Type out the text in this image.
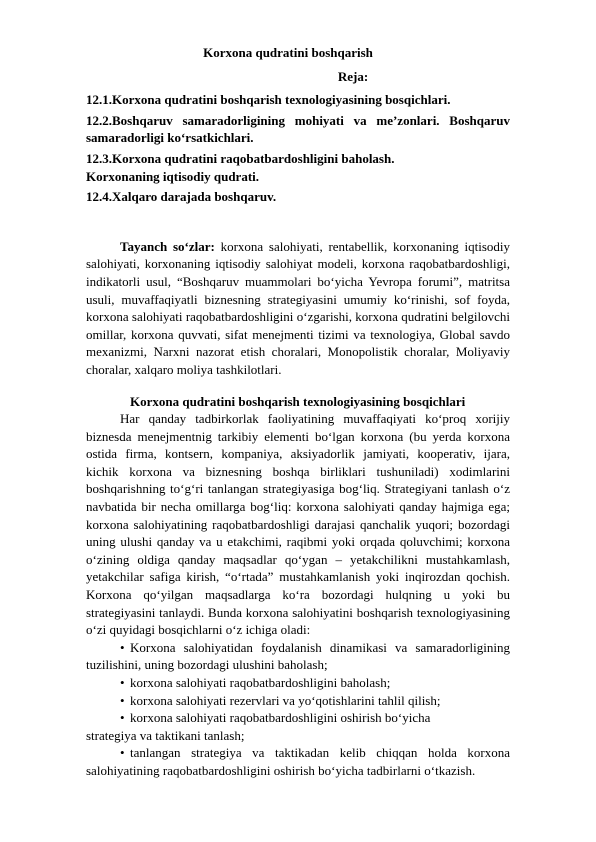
Korxona qudratini boshqarish
Reja:

12.1.Korxona qudratini boshqarish texnologiyasining bosqichlari.

12.2.Boshqaruv samaradorligining mohiyati va me’zonlari. Boshqaruv samaradorligi ko‘rsatkichlari.

12.3.Korxona qudratini raqobatbardoshligini baholash. Korxonaning iqtisodiy qudrati.

12.4.Xalqaro darajada boshqaruv.

Tayanch so‘zlar: korxona salohiyati, rentabellik, korxonaning iqtisodiy salohiyati, korxonaning iqtisodiy salohiyat modeli, korxona raqobatbardoshligi, indikatorli usul, “Boshqaruv muammolari bo‘yicha Yevropa forumi”, matritsa usuli, muvaffaqiyatli biznesning strategiyasini umumiy ko‘rinishi, sof foyda, korxona salohiyati raqobatbardoshligini o‘zgarishi, korxona qudratini belgilovchi omillar, korxona quvvati, sifat menejmenti tizimi va texnologiya, Global savdo mexanizmi, Narxni nazorat etish choralari, Monopolistik choralar, Moliyaviy choralar, xalqaro moliya tashkilotlari.

Korxona qudratini boshqarish texnologiyasining bosqichlari

Har qanday tadbirkorlak faoliyatining muvaffaqiyati ko‘proq xorijiy biznesda menejmentnig tarkibiy elementi bo‘lgan korxona (bu yerda korxona ostida firma, kontsern, kompaniya, aksiyadorlik jamiyati, kooperativ, ijara, kichik korxona va biznesning boshqa birliklari tushuniladi) xodimlarini boshqarishning to‘g‘ri tanlangan strategiyasiga bog‘liq. Strategiyani tanlash o‘z navbatida bir necha omillarga bog‘liq: korxona salohiyati qanday hajmiga ega; korxona salohiyatining raqobatbardoshligi darajasi qanchalik yuqori; bozordagi uning ulushi qanday va u etakchimi, raqibmi yoki orqada qoluvchimi; korxona o‘zining oldiga qanday maqsadlar qo‘ygan – yetakchilikni mustahkamlash, yetakchilar safiga kirish, “o‘rtada” mustahkamlanish yoki inqirozdan qochish. Korxona qo‘yilgan maqsadlarga ko‘ra bozordagi hulqning u yoki bu strategiyasini tanlaydi. Bunda korxona salohiyatini boshqarish texnologiyasining o‘zi quyidagi bosqichlarni o‘z ichiga oladi:

• Korxona salohiyatidan foydalanish dinamikasi va samaradorligining tuzilishini, uning bozordagi ulushini baholash;

• korxona salohiyati raqobatbardoshligini baholash;

• korxona salohiyati rezervlari va yo‘qotishlarini tahlil qilish;

• korxona salohiyati raqobatbardoshligini oshirish bo‘yicha strategiya va taktikani tanlash;

• tanlangan strategiya va taktikadan kelib chiqqan holda korxona salohiyatining raqobatbardoshligini oshirish bo‘yicha tadbirlarni o‘tkazish.
